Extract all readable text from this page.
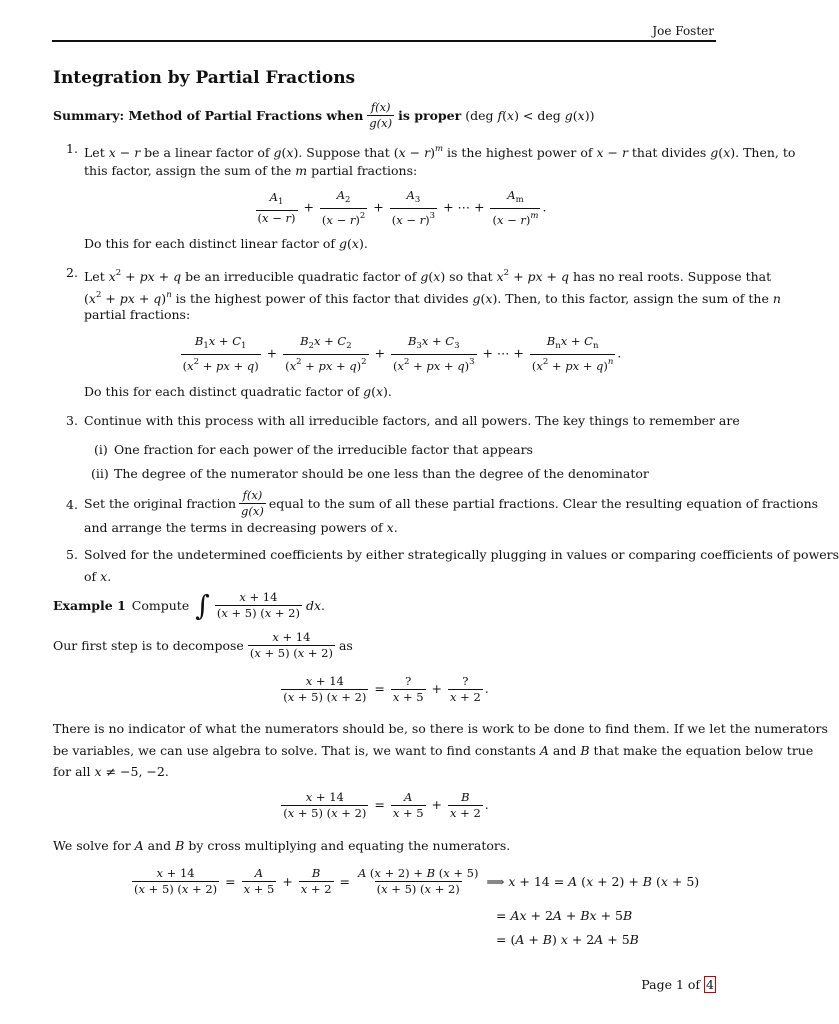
Joe Foster
Integration by Partial Fractions
Summary: Method of Partial Fractions when $\frac{f(x)}{g(x)}$ is proper (deg f(x) < deg g(x))
1. Let x − r be a linear factor of g(x). Suppose that $(x - r)^m$ is the highest power of x − r that divides g(x). Then, to
this factor, assign the sum of the m partial fractions:
$\frac{A_1}{(x - r)} + \frac{A_2}{(x - r)^2} + \frac{A_3}{(x - r)^3}$ + ⋯ + $\frac{A_m}{(x - r)^m}$ .
Do this for each distinct linear factor of g(x).
2. Let $x^2$ + px + q be an irreducible quadratic factor of g(x) so that $x^2$ + px + q has no real roots. Suppose that
($x^2$ + px + q)$^n$ is the highest power of this factor that divides g(x). Then, to this factor, assign the sum of the n
partial fractions:
$\frac{B_1x + C_1}{(x^2 + px + q)} + \frac{B_2x + C_2}{(x^2 + px + q)^2} + \frac{B_3x + C_3}{(x^2 + px + q)^3}$ + ⋯ + $\frac{B_nx + C_n}{(x^2 + px + q)^n}$ .
Do this for each distinct quadratic factor of g(x).
3. Continue with this process with all irreducible factors, and all powers. The key things to remember are
(i) One fraction for each power of the irreducible factor that appears
(ii) The degree of the numerator should be one less than the degree of the denominator
4. Set the original fraction $\frac{f(x)}{g(x)}$ equal to the sum of all these partial fractions. Clear the resulting equation of fractions
and arrange the terms in decreasing powers of x.
5. Solved for the undetermined coefficients by either strategically plugging in values or comparing coefficients of powers
of x.
Example 1 Compute ∫ $\frac{x + 14}{(x + 5) (x + 2)}$ dx.
Our first step is to decompose $\frac{x + 14}{(x + 5) (x + 2)}$ as
$\frac{x + 14}{(x + 5) (x + 2)} = \frac{?}{x + 5} + \frac{?}{x + 2}$ .
There is no indicator of what the numerators should be, so there is work to be done to find them. If we let the numerators
be variables, we can use algebra to solve. That is, we want to find constants A and B that make the equation below true
for all x ≠ −5, −2.
$\frac{x + 14}{(x + 5) (x + 2)} = \frac{A}{x + 5} + \frac{B}{x + 2}$ .
We solve for A and B by cross multiplying and equating the numerators.
$\frac{x + 14}{(x + 5) (x + 2)} = \frac{A}{x + 5} + \frac{B}{x + 2} = \frac{A (x + 2) + B (x + 5)}{(x + 5) (x + 2)}$ ⟹ x + 14 = A (x + 2) + B (x + 5)
= Ax + 2A + Bx + 5B
= (A + B) x + 2A + 5B
Page 1 of 4
